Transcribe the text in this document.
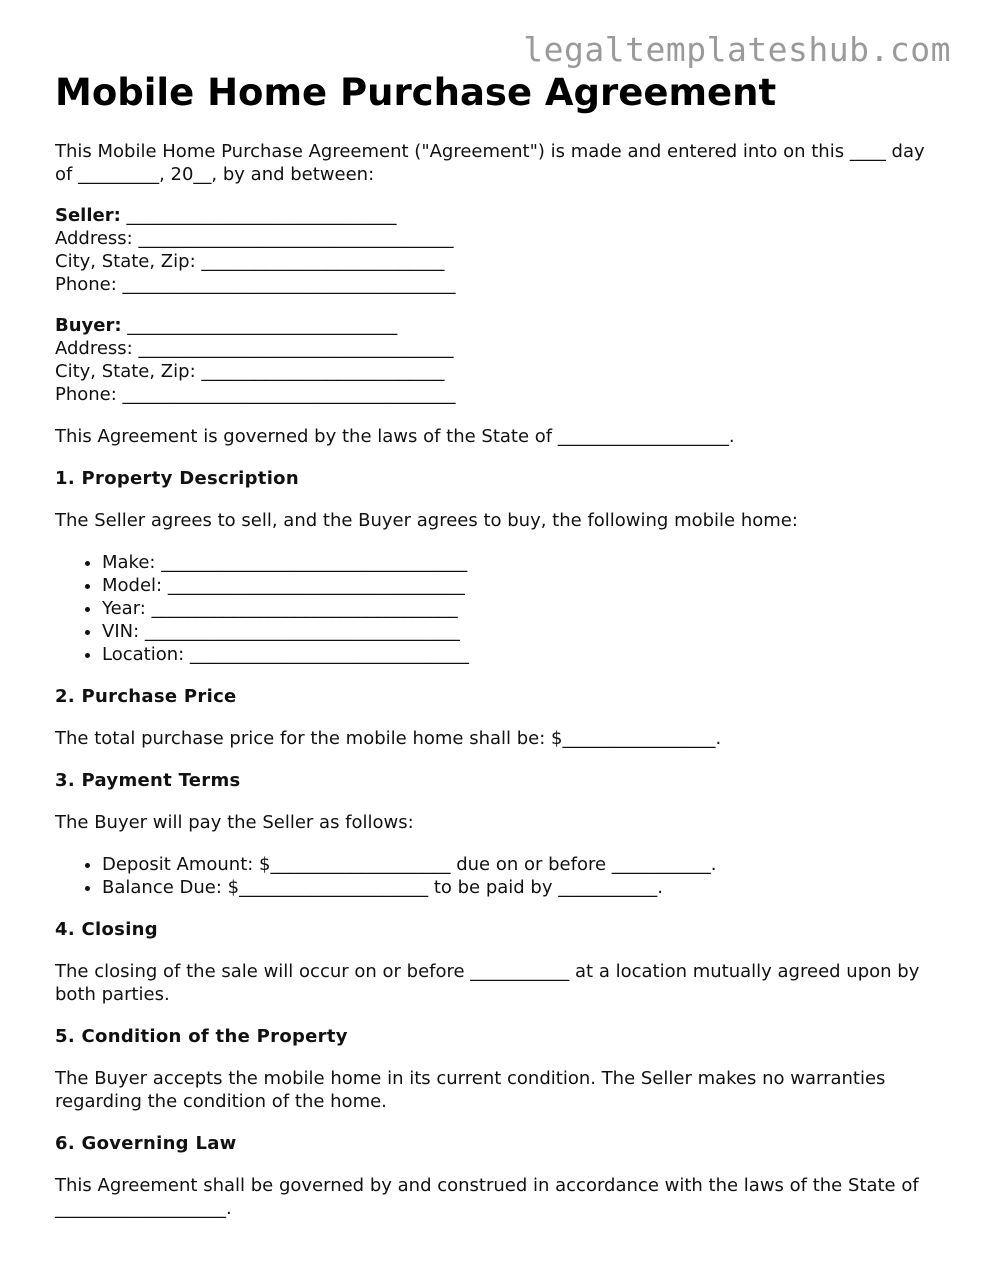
legaltemplateshub.com
Mobile Home Purchase Agreement

This Mobile Home Purchase Agreement ("Agreement") is made and entered into on this ____ day of _________, 20__, by and between:

Seller: ______________________________
Address: ___________________________________
City, State, Zip: ___________________________
Phone: _____________________________________
Buyer: ______________________________
Address: ___________________________________
City, State, Zip: ___________________________
Phone: _____________________________________

This Agreement is governed by the laws of the State of ___________________.

1. Property Description

The Seller agrees to sell, and the Buyer agrees to buy, the following mobile home:

• Make: __________________________________
• Model: _________________________________
• Year: __________________________________
• VIN: ___________________________________
• Location: _______________________________
2. Purchase Price

The total purchase price for the mobile home shall be: $_________________.

3. Payment Terms

The Buyer will pay the Seller as follows:

• Deposit Amount: $____________________ due on or before ___________.
• Balance Due: $_____________________ to be paid by ___________.
4. Closing

The closing of the sale will occur on or before ___________ at a location mutually agreed upon by both parties.

5. Condition of the Property

The Buyer accepts the mobile home in its current condition. The Seller makes no warranties regarding the condition of the home.

6. Governing Law

This Agreement shall be governed by and construed in accordance with the laws of the State of ___________________.
